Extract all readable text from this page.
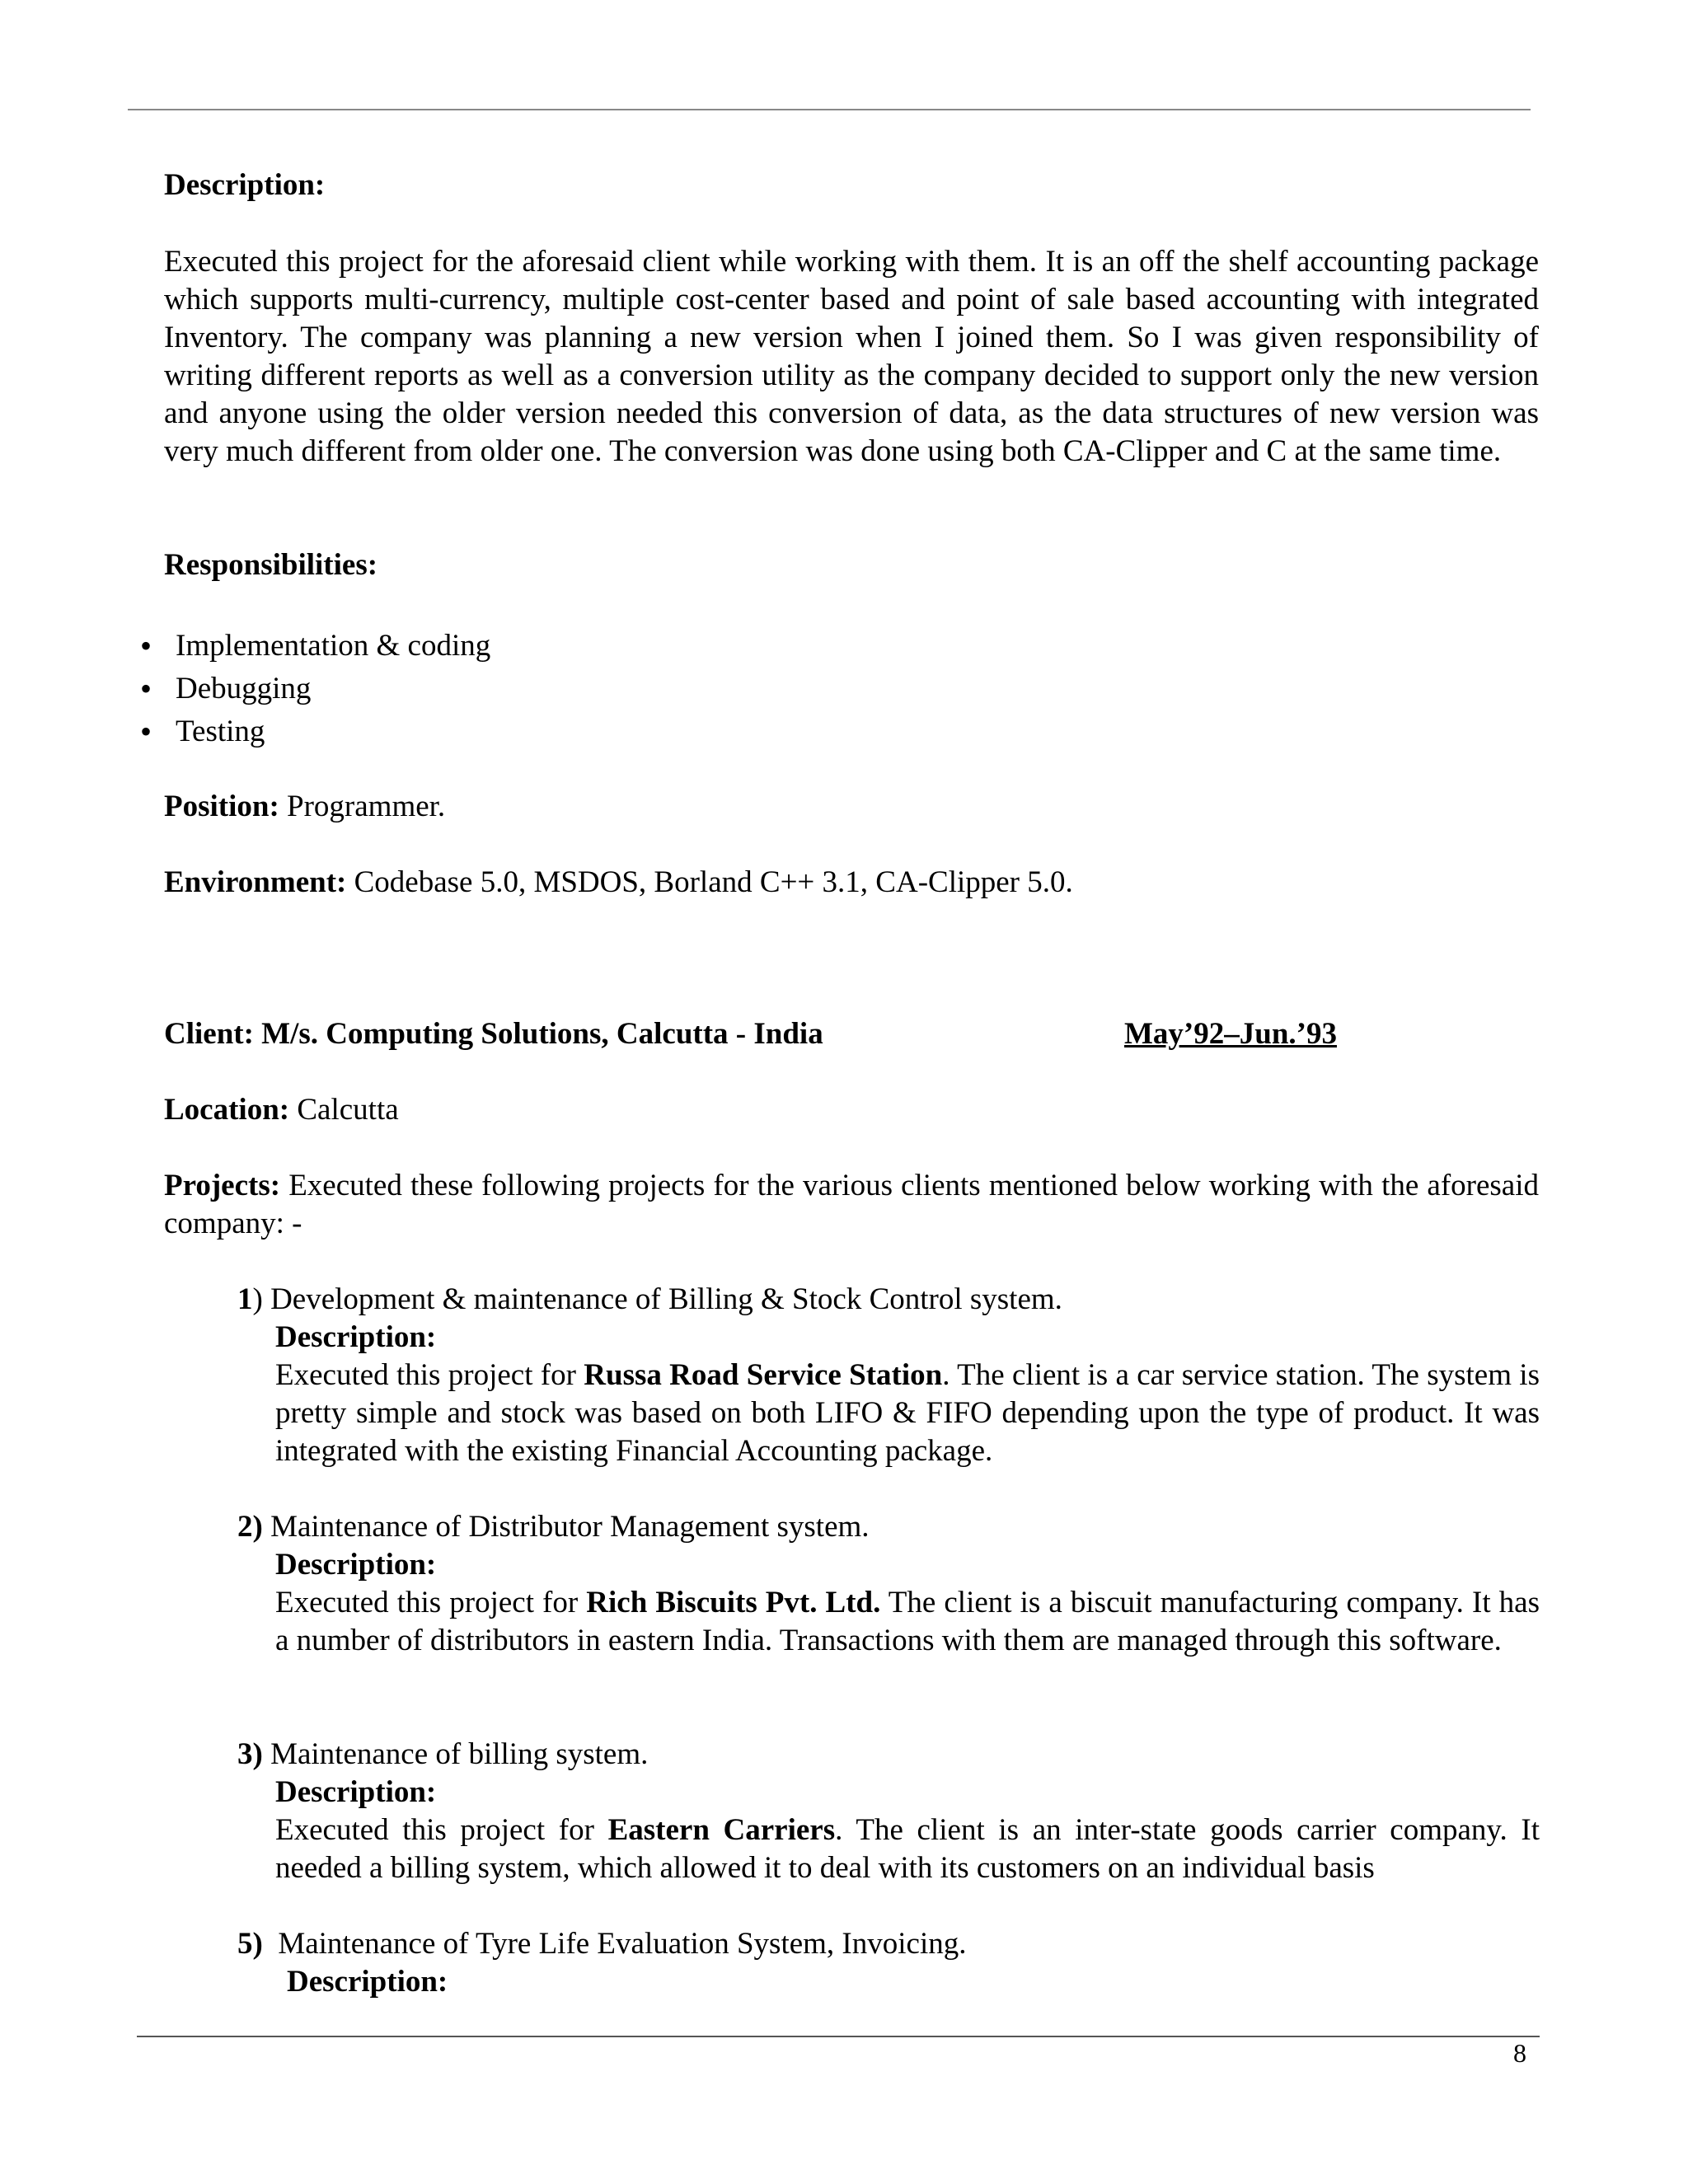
Description:
Executed this project for the aforesaid client while working with them. It is an off the shelf accounting package which supports multi-currency, multiple cost-center based and point of sale based accounting with integrated Inventory. The company was planning a new version when I joined them. So I was given responsibility of writing different reports as well as a conversion utility as the company decided to support only the new version and anyone using the older version needed this conversion of data, as the data structures of new version was very much different from older one. The conversion was done using both CA-Clipper and C at the same time.
Responsibilities:
• Implementation & coding
• Debugging
• Testing
Position: Programmer.
Environment: Codebase 5.0, MSDOS, Borland C++ 3.1, CA-Clipper 5.0.
Client: M/s. Computing Solutions, Calcutta - India	May’92–Jun.’93
Location: Calcutta
Projects: Executed these following projects for the various clients mentioned below working with the aforesaid company: -
1) Development & maintenance of Billing & Stock Control system.
Description:
Executed this project for Russa Road Service Station. The client is a car service station. The system is pretty simple and stock was based on both LIFO & FIFO depending upon the type of product. It was integrated with the existing Financial Accounting package.
2) Maintenance of Distributor Management system.
Description:
Executed this project for Rich Biscuits Pvt. Ltd. The client is a biscuit manufacturing company. It has a number of distributors in eastern India. Transactions with them are managed through this software.
3) Maintenance of billing system.
Description:
Executed this project for Eastern Carriers. The client is an inter-state goods carrier company. It needed a billing system, which allowed it to deal with its customers on an individual basis
5) Maintenance of Tyre Life Evaluation System, Invoicing.
Description:
8
